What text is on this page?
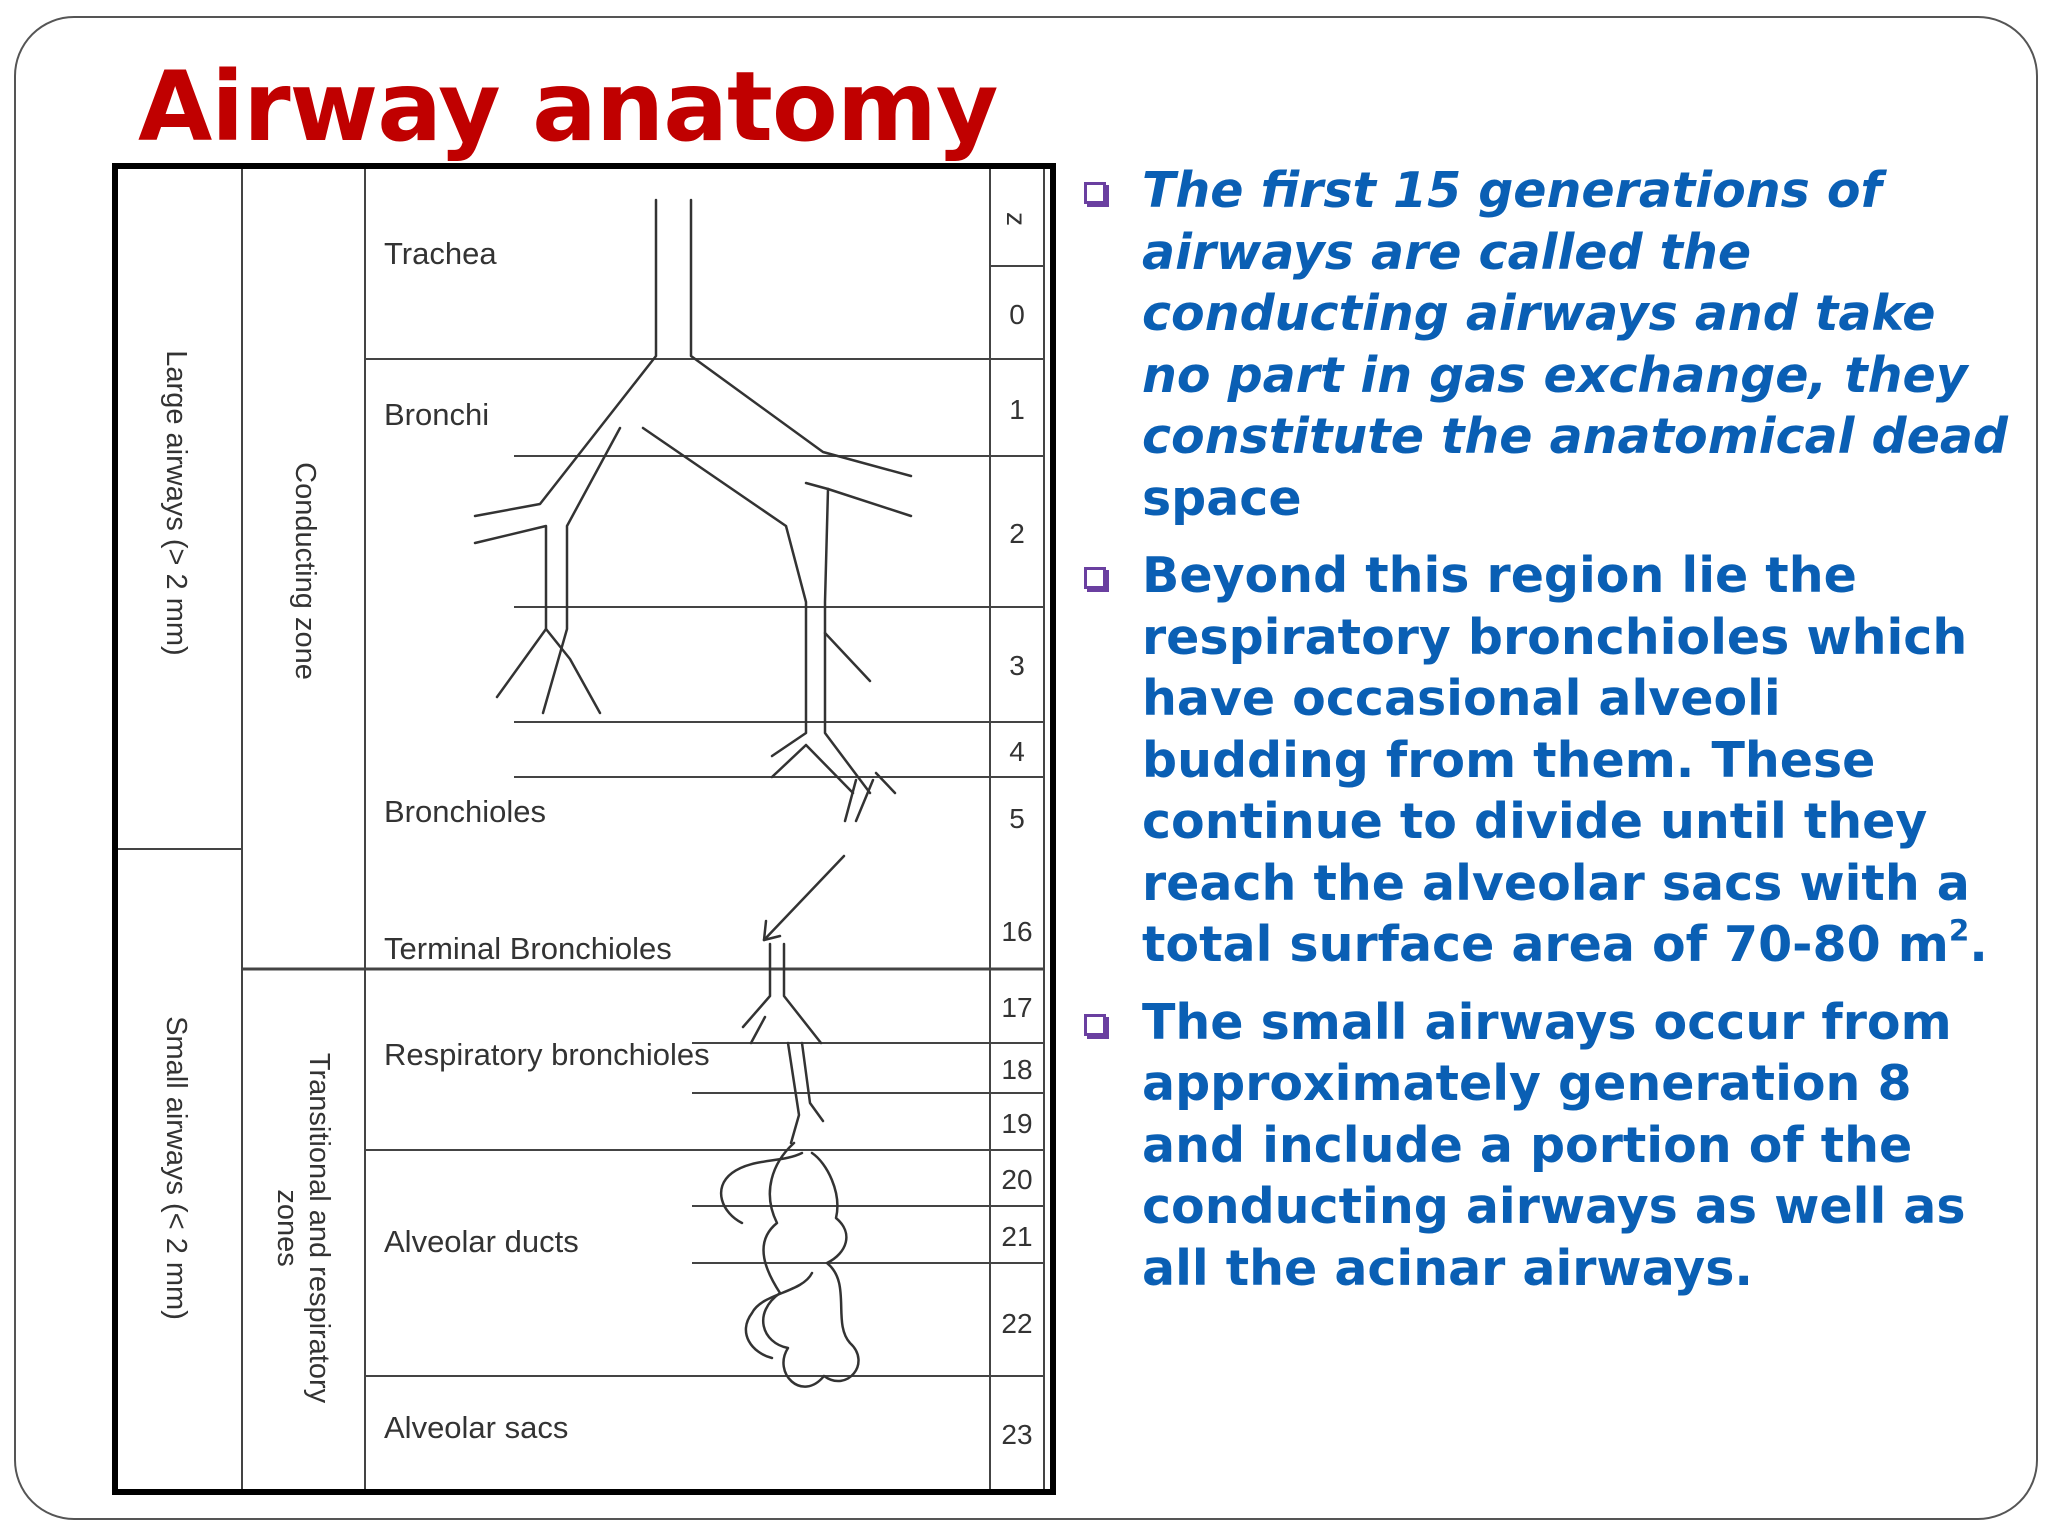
Airway anatomy
Large airways (> 2 mm)
Small airways (< 2 mm)
Conducting zone
Transitional and respiratory
zones
Trachea
Bronchi
Bronchioles
Terminal Bronchioles
Respiratory bronchioles
Alveolar ducts
Alveolar sacs
z
0
1
2
3
4
5
16
17
18
19
20
21
22
23
The first 15 generations of airways are called the conducting airways and take no part in gas exchange, they constitute the anatomical dead space
Beyond this region lie the respiratory bronchioles which have occasional alveoli budding from them. These continue to divide until they reach the alveolar sacs with a total surface area of 70-80 $m^2$.
The small airways occur from approximately generation 8 and include a portion of the conducting airways as well as all the acinar airways.
